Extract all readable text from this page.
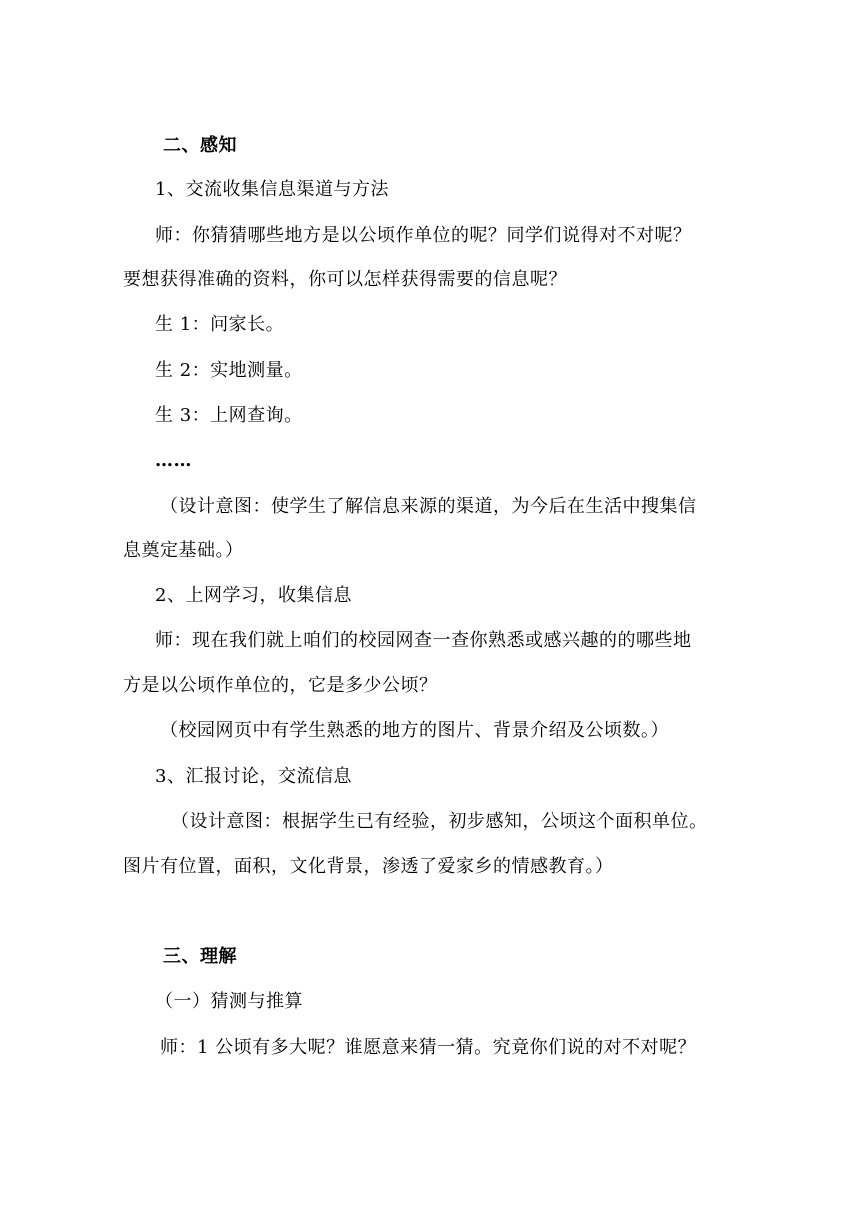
二、感知
1、交流收集信息渠道与方法
师：你猜猜哪些地方是以公顷作单位的呢？同学们说得对不对呢？
要想获得准确的资料，你可以怎样获得需要的信息呢？
生 1：问家长。
生 2：实地测量。
生 3：上网查询。
……
（设计意图：使学生了解信息来源的渠道，为今后在生活中搜集信
息奠定基础。）
2、上网学习，收集信息
师：现在我们就上咱们的校园网查一查你熟悉或感兴趣的的哪些地
方是以公顷作单位的，它是多少公顷？
（校园网页中有学生熟悉的地方的图片、背景介绍及公顷数。）
3、汇报讨论，交流信息
（设计意图：根据学生已有经验，初步感知，公顷这个面积单位。
图片有位置，面积，文化背景，渗透了爱家乡的情感教育。）
三、理解
（一）猜测与推算
师：1 公顷有多大呢？谁愿意来猜一猜。究竟你们说的对不对呢？
